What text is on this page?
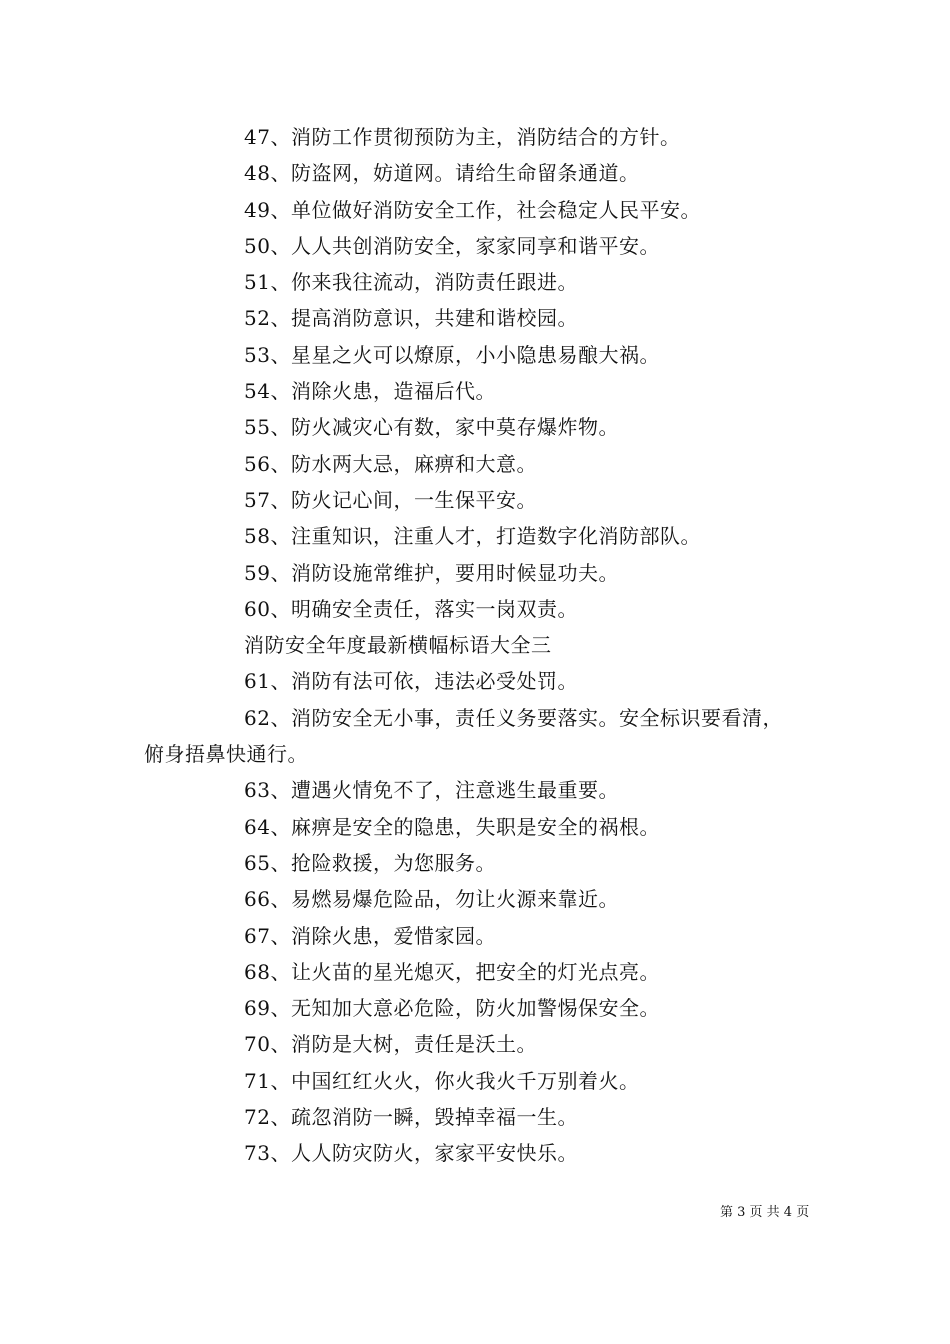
47、消防工作贯彻预防为主，消防结合的方针。
48、防盗网，妨道网。请给生命留条通道。
49、单位做好消防安全工作，社会稳定人民平安。
50、人人共创消防安全，家家同享和谐平安。
51、你来我往流动，消防责任跟进。
52、提高消防意识，共建和谐校园。
53、星星之火可以燎原，小小隐患易酿大祸。
54、消除火患，造福后代。
55、防火减灾心有数，家中莫存爆炸物。
56、防水两大忌，麻痹和大意。
57、防火记心间，一生保平安。
58、注重知识，注重人才，打造数字化消防部队。
59、消防设施常维护，要用时候显功夫。
60、明确安全责任，落实一岗双责。
消防安全年度最新横幅标语大全三
61、消防有法可依，违法必受处罚。
62、消防安全无小事，责任义务要落实。安全标识要看清，
俯身捂鼻快通行。
63、遭遇火情免不了，注意逃生最重要。
64、麻痹是安全的隐患，失职是安全的祸根。
65、抢险救援，为您服务。
66、易燃易爆危险品，勿让火源来靠近。
67、消除火患，爱惜家园。
68、让火苗的星光熄灭，把安全的灯光点亮。
69、无知加大意必危险，防火加警惕保安全。
70、消防是大树，责任是沃土。
71、中国红红火火，你火我火千万别着火。
72、疏忽消防一瞬，毁掉幸福一生。
73、人人防灾防火，家家平安快乐。
第 3 页 共 4 页
